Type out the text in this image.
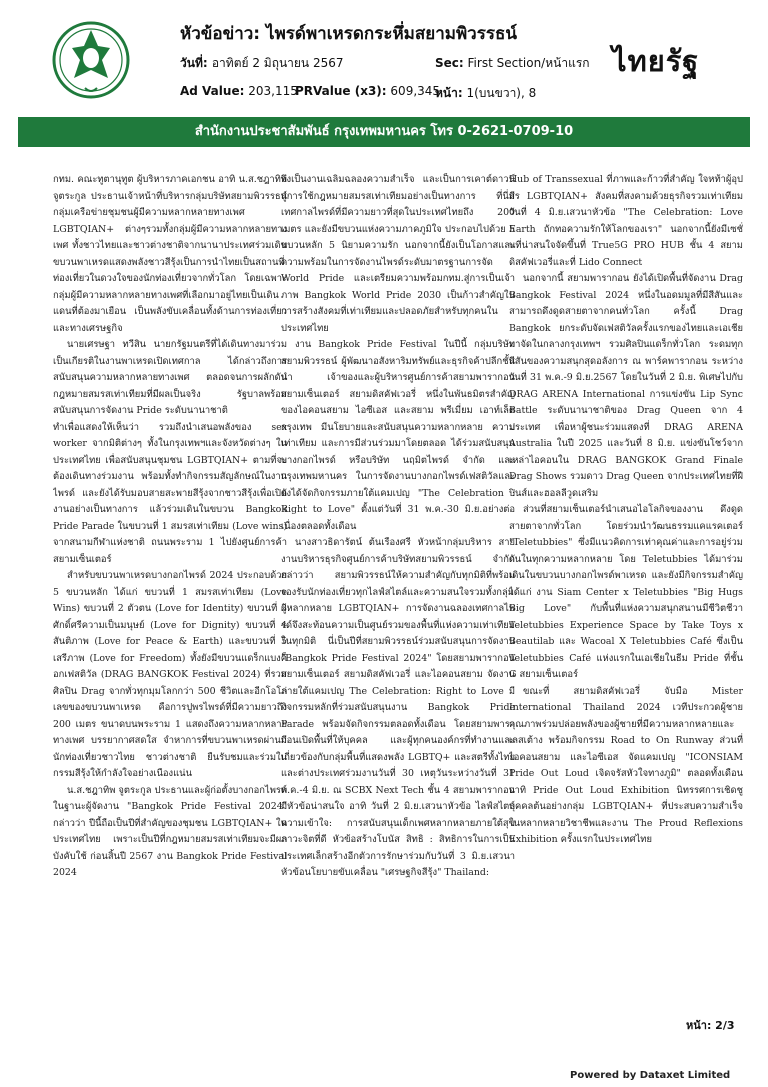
หัวข้อข่าว: ไพรด์พาเหรดกระหึ่มสยามพิวรรธน์
วันที่: อาทิตย์ 2 มิถุนายน 2567	Sec: First Section/หน้าแรก
Ad Value: 203,115
PRValue (x3): 609,345
หน้า: 1(บนขวา), 8
ไทยรัฐ
สำนักงานประชาสัมพันธ์ กรุงเทพมหานคร โทร 0-2621-0709-10

กทม. คณะทูตานุทูต ผู้บริหารภาคเอกชน อาทิ น.ส.ชฎาทิพ จูตระกูล ประธานเจ้าหน้าที่บริหารกลุ่มบริษัทสยามพิวรรธน์กลุ่มเครือข่ายชุมชนผู้มีความหลากหลายทางเพศ LGBTQIAN+ ต่างๆรวมทั้งกลุ่มผู้มีความหลากหลายทางเพศ ทั้งชาวไทยและชาวต่างชาติจากนานาประเทศร่วมเดินขบวนพาเหรดแสดงพลังชาวสีรุ้งเป็นการนำไทยเป็นสถานที่ท่องเที่ยวในดวงใจของนักท่องเที่ยวจากทั่วโลก โดยเฉพาะกลุ่มผู้มีความหลากหลายทางเพศที่เลือกมาอยู่ไทยเป็นเดินแดนที่ต้องมาเยือน เป็นพลังขับเคลื่อนทั้งด้านการท่องเที่ยวและทางเศรษฐกิจ

นายเศรษฐา ทวีสิน นายกรัฐมนตรีที่ได้เดินทางมาร่วมเป็นเกียรติในงานพาเหรดเปิดเทศกาล ได้กล่าวถึงการสนับสนุนความหลากหลายทางเพศ ตลอดจนการผลักดันกฎหมายสมรสเท่าเทียมที่มีผลเป็นจริง รัฐบาลพร้อมสนับสนุนการจัดงาน Pride ระดับนานาชาติ

ทำเพื่อแสดงให้เห็นว่า รวมถึงนำเสนอพลังของ sex worker จากมิติต่างๆ ทั้งในกรุงเทพฯและจังหวัดต่างๆ ในประเทศไทย เพื่อสนับสนุนชุมชน LGBTQIAN+ ตามที่จะต้องเดินทางร่วมงาน พร้อมทั้งทำกิจกรรมสัญลักษณ์ในงานไพรด์ และยังได้รับมอบสายสะพายสีรุ้งจากชาวสีรุ้งเพื่อเปิดงานอย่างเป็นทางการ แล้วร่วมเดินในขบวน Bangkok Pride Parade ในขบวนที่ 1 สมรสเท่าเทียม (Love wins) จากสนามกีฬาแห่งชาติ ถนนพระราม 1 ไปยังศูนย์การค้าสยามเซ็นเตอร์

สำหรับขบวนพาเหรดบางกอกไพรด์ 2024 ประกอบด้วย 5 ขบวนหลัก ได้แก่ ขบวนที่ 1 สมรสเท่าเทียม (Love Wins) ขบวนที่ 2 ตัวตน (Love for Identity) ขบวนที่ 3 ศักดิ์ศรีความเป็นมนุษย์ (Love for Dignity) ขบวนที่ 4 สันติภาพ (Love for Peace & Earth) และขบวนที่ 5 เสรีภาพ (Love for Freedom) ทั้งยังมีขบวนแดร็กแบงค็อกเฟสติวัล (DRAG BANGKOK Festival 2024) ที่รวมศิลปิน Drag จากทั่วทุกมุมโลกกว่า 500 ชีวิตและอีกโอโล่เลขของขบวนพาเหรด คือการปูพรไพรด์ที่มีความยาวถึง 200 เมตร ขนาดบนพระราม 1 แสดงถึงความหลากหลายทางเพศ บรรยากาศสดใส จำหาการที่ขบวนพาเหรดผ่านมีนักท่องเที่ยวชาวไทย ชาวต่างชาติ ยืนรับชมและร่วมในกรรมสีรุ้งให้กำลังใจอย่างเนืองแน่น

น.ส.ชฎาทิพ จูตระกูล ประธานและผู้ก่อตั้งบางกอกไพรด์ ในฐานะผู้จัดงาน "Bangkok Pride Festival 2024" กล่าวว่า ปีนี้ถือเป็นปีที่สำคัญของชุมชน LGBTQIAN+ ในประเทศไทย เพราะเป็นปีที่กฎหมายสมรสเท่าเทียมจะมีผลบังคับใช้ ก่อนสิ้นปี 2567 งาน Bangkok Pride Festival 2024

จึงเป็นงานเฉลิมฉลองความสำเร็จ และเป็นการเคาต์ดาวน์สู่การใช้กฎหมายสมรสเท่าเทียมอย่างเป็นทางการ ที่นี่มีเทศกาลไพรด์ที่มีความยาวที่สุดในประเทศไทยถึง 200 เมตร และยังมีขบวนแห่งความภาคภูมิใจ ประกอบไปด้วย 5 ขบวนหลัก 5 นิยามความรัก นอกจากนี้ยังเป็นโอกาสและความพร้อมในการจัดงานไพรด์ระดับมาตรฐานการจัด World Pride และเตรียมความพร้อมกทม.สู่การเป็นเจ้าภาพ Bangkok World Pride 2030 เป็นก้าวสำคัญในการสร้างสังคมที่เท่าเทียมและปลอดภัยสำหรับทุกคนในประเทศไทย

งาน Bangkok Pride Festival ในปีนี้ กลุ่มบริษัท สยามพิวรรธน์ ผู้พัฒนาอสังหาริมทรัพย์และธุรกิจค้าปลีกชั้นนำ เจ้าของและผู้บริหารศูนย์การค้าสยามพารากอน สยามเซ็นเตอร์ สยามดิสคัฟเวอรี่ หนึ่งในพันธมิตรสำคัญของไอคอนสยาม ไอซีเอส และสยาม พรีเมี่ยม เอาท์เล็ต กรุงเทพ มีนโยบายและสนับสนุนความหลากหลาย ความเท่าเทียม และการมีส่วนร่วมมาโดยตลอด ได้ร่วมสนับสนุนบางกอกไพรด์ หรือบริษัท นฤมิตไพรด์ จำกัด และกรุงเทพมหานคร ในการจัดงานบางกอกไพรด์เฟสติวัลและยังได้จัดกิจกรรมภายใต้แคมเปญ "The Celebration : Right to Love" ตั้งแต่วันที่ 31 พ.ค.-30 มิ.ย.อย่างต่อเนื่องตลอดทั้งเดือน

นางสาวธิดารัตน์ ต้นเรืองศรี หัวหน้ากลุ่มบริหาร สายงานบริหารธุรกิจศูนย์การค้าบริษัทสยามพิวรรธน์ จำกัด กล่าวว่า สยามพิวรรธน์ให้ความสำคัญกับทุกมิติที่พร้อมรองรับนักท่องเที่ยวทุกไลฟ์สไตล์และความสนใจรวมทั้งกลุ่มผู้หลากหลาย LGBTQIAN+ การจัดงานฉลองเทศกาลไพรด์จึงสะท้อนความเป็นศูนย์รวมของพื้นที่แห่งความเท่าเทียมในทุกมิติ นี่เป็นปีที่สยามพิวรรธน์ร่วมสนับสนุนการจัดงาน "Bangkok Pride Festival 2024" โดยสยามพารากอน สยามเซ็นเตอร์ สยามดิสคัฟเวอรี่ และไอคอนสยาม จัดงานภายใต้แคมเปญ The Celebration: Right to Love มีกิจกรรมหลักที่ร่วมสนับสนุนงาน Bangkok Pride Parade พร้อมจัดกิจกรรมตลอดทั้งเดือน โดยสยามพารากอนเปิดพื้นที่ให้บุคคล และผู้ทุกคนองค์กรที่ทำงานและเกี่ยวข้องกับกลุ่มพื้นที่แสดงพลัง LGBTQ+ และสตรีทั้งไทยและต่างประเทศร่วมงานวันที่ 30 เหตุวันระหว่างวันที่ 31 พ.ค.-4 มิ.ย. ณ SCBX Next Tech ชั้น 4 สยามพารากอน มีหัวข้อน่าสนใจ อาทิ วันที่ 2 มิ.ย.เสวนาหัวข้อ ไลฟ์สไตล์ความเข้าใจ: การสนับสนุนเด็กเพศหลากหลายภายใต้สุขภาวะจิตที่ดี หัวข้อสร้างโบนัส สิทธิ : สิทธิการในการเป็นประเทศเล็กสร้างอีกตัวการรักษาร่วมกับวันที่ 3 มิ.ย.เสวนาหัวข้อนโยบายขับเคลื่อน "เศรษฐกิจสีรุ้ง" Thailand:

Hub of Transsexual ที่ภาพและก้าวที่สำคัญ ใจหท้าผู้อุปสร LGBTQIAN+ สังคมที่สงคามด้วยธุรกิจรวมเท่าเทียม วันที่ 4 มิ.ย.เสวนาหัวข้อ "The Celebration: Love Earth ถักทอความรักให้โลกของเรา" นอกจากนี้ยังมีเซชั่นที่น่าสนใจจัดขึ้นที่ True5G PRO HUB ชั้น 4 สยามดิสคัฟเวอรี่และที่ Lido Connect

นอกจากนี้ สยามพารากอน ยังได้เปิดพื้นที่จัดงาน Drag Bangkok Festival 2024 หนึ่งในอดมมูลที่มีสีสันและสามารถดึงดูดสายตาจากคนทั่วโลก ครั้งนี้ Drag Bangkok ยกระดับจัดเฟสติวัลครั้งแรกของไทยและเอเชีย มาจัดในกลางกรุงเทพฯ รวมศิลปินแดร็กทั่วโลก ระดมทุกสีสันของความสนุกสุดอลังการ ณ พาร์คพารากอน ระหว่างวันที่ 31 พ.ค.-9 มิ.ย.2567 โดยในวันที่ 2 มิ.ย. พิเศษไปกับ DRAG ARENA International การแข่งขัน Lip Sync Battle ระดับนานาชาติของ Drag Queen จาก 4 ประเทศ เพื่อหาผู้ชนะร่วมแสดงที่ DRAG ARENA Australia ในปี 2025 และวันที่ 8 มิ.ย. แข่งขันโชว์จากเหล่าไอคอนใน DRAG BANGKOK Grand Finale Drag Shows รวมดาว Drag Queen จากประเทศไทยที่ฝีปินส์และฮอลลีวูดเสริม

ส่วนที่สยามเซ็นเตอร์นำเสนอไอโลกิจของงาน ดึงดูดสายตาจากทั่วโลก โดยร่วมนำวัฒนธรรมแคแรคเตอร์ "Teletubbies" ซึ่งมีแนวคิดการเท่าคุณค่าและการอยู่ร่วมกันในทุกความหลากหลาย โดย Teletubbies ได้มาร่วมเดินในขบวนบางกอกไพรด์พาเหรด และยังมีกิจกรรมสำคัญได้แก่ งาน Siam Center x Teletubbies "Big Hugs Big Love" กับพื้นที่แห่งความสนุกสนานมีชีวิตชีวา Teletubbies Experience Space by Take Toys x Beautilab และ Wacoal X Teletubbies Café ซึ่งเป็น Teletubbies Café แห่งแรกในเอเชียในธีม Pride ที่ชั้น G สยามเซ็นเตอร์

ขณะที่ สยามดิสคัฟเวอรี่ จับมือ Mister International Thailand 2024 เวทีประกวดผู้ชายคุณภาพร่วมปล่อยพลังของผู้ชายที่มีความหลากหลายและเลสเต้าง พร้อมกิจกรรม Road to On Runway ส่วนที่ไอคอนสยาม และไอซีเอส จัดแคมเปญ "ICONSIAM Pride Out Loud เจิดจรัสหัวใจทางภูมิ" ตลอดทั้งเดือน อาทิ Pride Out Loud Exhibition นิทรรศการเชิดชูบุคคลต้นอย่างกลุ่ม LGBTQIAN+ ที่ประสบความสำเร็จในหลากหลายวิชาชีพและงาน The Proud Reflexions Exhibition ครั้งแรกในประเทศไทย

หน้า: 2/3
Powered by Dataxet Limited
